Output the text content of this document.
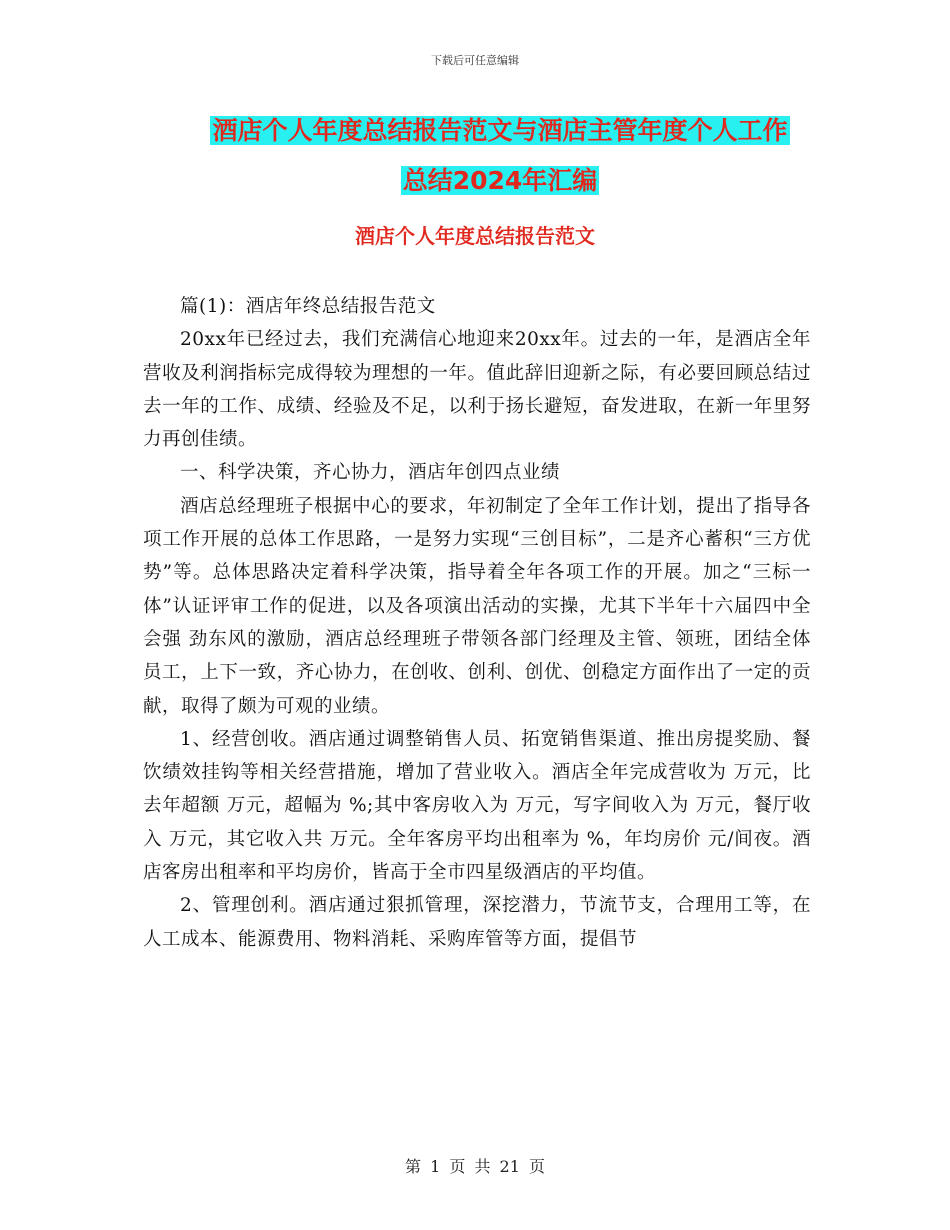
下载后可任意编辑
酒店个人年度总结报告范文与酒店主管年度个人工作
总结2024年汇编
酒店个人年度总结报告范文

篇(1)：酒店年终总结报告范文

20xx年已经过去，我们充满信心地迎来20xx年。过去的一年，是酒店全年营收及利润指标完成得较为理想的一年。值此辞旧迎新之际，有必要回顾总结过去一年的工作、成绩、经验及不足，以利于扬长避短，奋发进取，在新一年里努力再创佳绩。

一、科学决策，齐心协力，酒店年创四点业绩

酒店总经理班子根据中心的要求，年初制定了全年工作计划，提出了指导各项工作开展的总体工作思路，一是努力实现“三创目标”，二是齐心蓄积“三方优势”等。总体思路决定着科学决策，指导着全年各项工作的开展。加之“三标一体”认证评审工作的促进，以及各项演出活动的实操，尤其下半年十六届四中全会强 劲东风的激励，酒店总经理班子带领各部门经理及主管、领班，团结全体员工，上下一致，齐心协力，在创收、创利、创优、创稳定方面作出了一定的贡献，取得了颇为可观的业绩。

1、经营创收。酒店通过调整销售人员、拓宽销售渠道、推出房提奖励、餐饮绩效挂钩等相关经营措施，增加了营业收入。酒店全年完成营收为 万元，比去年超额 万元，超幅为 %;其中客房收入为 万元，写字间收入为 万元，餐厅收入 万元，其它收入共 万元。全年客房平均出租率为 %，年均房价 元/间夜。酒店客房出租率和平均房价，皆高于全市四星级酒店的平均值。

2、管理创利。酒店通过狠抓管理，深挖潜力，节流节支，合理用工等，在人工成本、能源费用、物料消耗、采购库管等方面，提倡节

第 1 页 共 21 页
